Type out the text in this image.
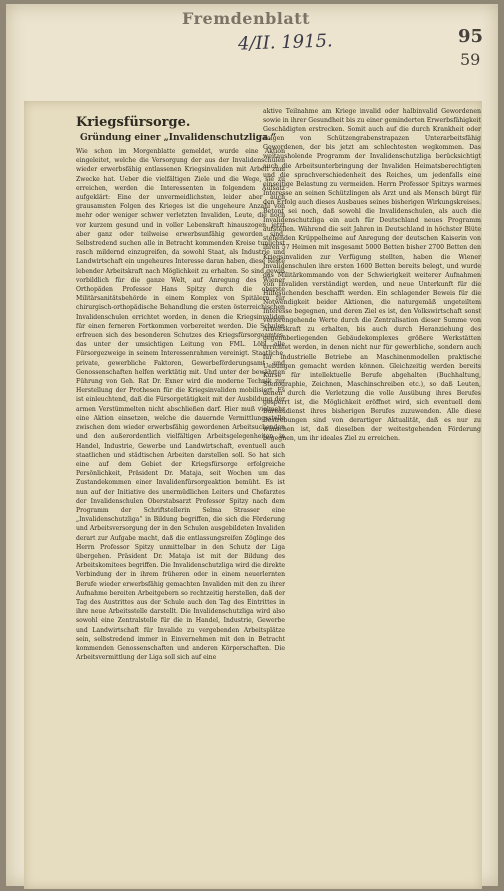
Fremdenblatt
4/II. 1915.	95
59
Kriegsfürsorge.
Gründung einer „Invalidenschutzliga.“

Wie schon im Morgenblatte gemeldet, wurde eine Aktion eingeleitet, welche die Versorgung der aus der Invalidenschulen wieder erwerbsfähig entlassenen Kriegsinvaliden mit Arbeit zum Zwecke hat. Ueber die vielfältigen Ziele und die Wege, sie zu erreichen, werden die Interessenten in folgendem Aufsatz aufgeklärt: Eine der unvermeidlichsten, leider aber auch grausamsten Folgen des Krieges ist die ungeheure Anzahl von mehr oder weniger schwer verletzten Invaliden, Leute, die noch vor kurzem gesund und in voller Lebenskraft hinauszogen, jetzt aber ganz oder teilweise erwerbsunfähig geworden sind. Selbstredend suchen alle in Betracht kommenden Kreise tunlichst rasch mildernd einzugreifen, da sowohl Staat, als Industrie und Landwirtschaft ein ungeheures Interesse daran haben, diese Reste lebender Arbeitskraft nach Möglichkeit zu erhalten. So sind gewiß vorbildlich für die ganze Welt, auf Anregung des Wiener Orthopäden Professor Hans Spitzy durch die oberste Militärsanitätsbehörde in einem Komplex von Spitälern für chirurgisch-orthopädische Behandlung die ersten österreichischen Invalidenschulen errichtet worden, in denen die Kriegsinvaliden für einen ferneren Fortkommen vorbereitet werden. Die Schulen erfreuen sich des besonderen Schutzes des Kriegsfürsorgeamtes, das unter der umsichtigen Leitung von FML. Löbl alle Fürsorgezweige in seinem Interessenrahmen vereinigt. Staatliche, private, gewerbliche Faktoren, Gewerbeförderungsamt und Genossenschaften helfen werktätig mit. Und unter der bewährten Führung von Geh. Rat Dr. Exner wird die moderne Technik zur Herstellung der Prothesen für die Kriegsinvaliden mobilisiert. Es ist einleuchtend, daß die Fürsorgetätigkeit mit der Ausbildung der armen Verstümmelten nicht abschließen darf. Hier muß vielmehr eine Aktion einsetzen, welche die dauernde Vermittlungsstelle zwischen dem wieder erwerbsfähig gewordenen Arbeitsuchenden und den außerordentlich vielfältigen Arbeitsgelegenheiten in Handel, Industrie, Gewerbe und Landwirtschaft, eventuell auch staatlichen und städtischen Arbeiten darstellen soll. So hat sich eine auf dem Gebiet der Kriegsfürsorge erfolgreiche Persönlichkeit, Präsident Dr. Mataja, seit Wochen um das Zustandekommen einer Invalidenfürsorgeaktion bemüht. Es ist nun auf der Initiative des unermüdlichen Leiters und Chefarztes der Invalidenschulen Oberstabsarzt Professor Spitzy nach dem Programm der Schriftstellerin Selma Strasser eine „Invalidenschutzliga“ in Bildung begriffen, die sich die Förderung und Arbeitsversorgung der in den Schulen ausgebildeten Invaliden derart zur Aufgabe macht, daß die entlassungsreifen Zöglinge des Herrn Professor Spitzy unmittelbar in den Schutz der Liga übergehen. Präsident Dr. Mataja ist mit der Bildung des Arbeitskomitees begriffen. Die Invalidenschutzliga wird die direkte Verbindung der in ihrem früheren oder in einem neuerlernten Berufe wieder erwerbsfähig gemachten Invaliden mit den zu ihrer Aufnahme bereiten Arbeitgebern so rechtzeitig herstellen, daß der Tag des Austrittes aus der Schule auch den Tag des Eintrittes in ihre neue Arbeitsstelle darstellt. Die Invalidenschutzliga wird also sowohl eine Zentralstelle für die in Handel, Industrie, Gewerbe und Landwirtschaft für Invalide zu vergebenden Arbeitsplätze sein, selbstredend immer in Einvernehmen mit den in Betracht kommenden Genossenschaften und anderen Körperschaften. Die Arbeitsvermittlung der Liga soll sich auf eine

aktive Teilnahme am Kriege invalid oder halbinvalid Gewordenen sowie in ihrer Gesundheit bis zu einer geminderten Erwerbsfähigkeit Geschädigten erstrecken. Somit auch auf die durch Krankheit oder Folgen von Schützengrabenstrapazen Unterarbeitsfähig Gewordenen, der bis jetzt am schlechtesten wegkommen. Das weitausholende Programm der Invalidenschutzliga berücksichtigt auch die Arbeitsunterbringung der Invaliden Heimatsberechtigten und die sprachverschiedenheit des Reiches, um jedenfalls eine einseitige Belastung zu vermeiden. Herrn Professor Spitzys warmes Interesse an seinen Schützlingen als Arzt und als Mensch bürgt für den Erfolg auch dieses Ausbaues seines bisherigen Wirkungskreises. Betont sei noch, daß sowohl die Invalidenschulen, als auch die Invalidenschutzliga ein auch für Deutschland neues Programm aufstellen. Während die seit Jahren in Deutschland in höchster Blüte stehenden Krüppelheime auf Anregung der deutschen Kaiserin von ihren 57 Heimen mit insgesamt 5000 Betten bisher 2700 Betten den Kriegsinvaliden zur Verfügung stellten, haben die Wiener Invalidenschulen ihre ersten 1600 Betten bereits belegt, und wurde das Militärkommando von der Schwierigkeit weiterer Aufnahmen von Invaliden verständigt werden, und neue Unterkunft für die Hilfesuchenden beschafft werden. Ein schlagender Beweis für die Notwendigkeit beider Aktionen, die naturgemäß ungeteiltem Interesse begegnen, und deren Ziel es ist, den Volkswirtschaft sonst verlorengehende Werte durch die Zentralisation dieser Summe von Arbeitskraft zu erhalten, bis auch durch Heranziehung des gegenüberliegenden Gebäudekomplexes größere Werkstätten errichtet werden, in denen nicht nur für gewerbliche, sondern auch für industrielle Betriebe an Maschinenmodellen praktische Uebungen gemacht werden können. Gleichzeitig werden bereits Kurse für intellektuelle Berufe abgehalten (Buchhaltung, Stenographie, Zeichnen, Maschinschreiben etc.), so daß Leuten, denen durch die Verletzung die volle Ausübung ihres Berufes gesperrt ist, die Möglichkeit eröffnet wird, sich eventuell dem Bureaudienst ihres bisherigen Berufes zuzuwenden. Alle diese Bestrebungen sind von derartiger Aktualität, daß es nur zu wünschen ist, daß dieselben der weitestgehenden Förderung begegnen, um ihr ideales Ziel zu erreichen.
